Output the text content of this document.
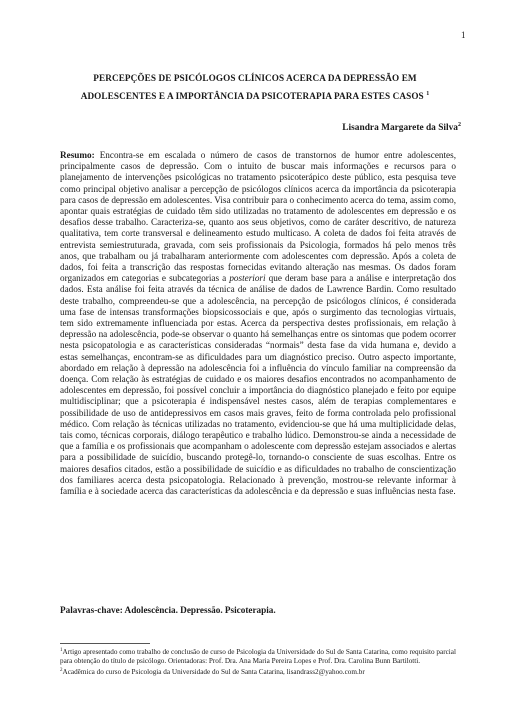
1
PERCEPÇÕES DE PSICÓLOGOS CLÍNICOS ACERCA DA DEPRESSÃO EM
ADOLESCENTES E A IMPORTÂNCIA DA PSICOTERAPIA PARA ESTES CASOS $^1$
Lisandra Margarete da Silva$^2$
Resumo: Encontra-se em escalada o número de casos de transtornos de humor entre adolescentes, principalmente casos de depressão. Com o intuito de buscar mais informações e recursos para o planejamento de intervenções psicológicas no tratamento psicoterápico deste público, esta pesquisa teve como principal objetivo analisar a percepção de psicólogos clínicos acerca da importância da psicoterapia para casos de depressão em adolescentes. Visa contribuir para o conhecimento acerca do tema, assim como, apontar quais estratégias de cuidado têm sido utilizadas no tratamento de adolescentes em depressão e os desafios desse trabalho. Caracteriza-se, quanto aos seus objetivos, como de caráter descritivo, de natureza qualitativa, tem corte transversal e delineamento estudo multicaso. A coleta de dados foi feita através de entrevista semiestruturada, gravada, com seis profissionais da Psicologia, formados há pelo menos três anos, que trabalham ou já trabalharam anteriormente com adolescentes com depressão. Após a coleta de dados, foi feita a transcrição das respostas fornecidas evitando alteração nas mesmas. Os dados foram organizados em categorias e subcategorias a posteriori que deram base para a análise e interpretação dos dados. Esta análise foi feita através da técnica de análise de dados de Lawrence Bardin. Como resultado deste trabalho, compreendeu-se que a adolescência, na percepção de psicólogos clínicos, é considerada uma fase de intensas transformações biopsicossociais e que, após o surgimento das tecnologias virtuais, tem sido extremamente influenciada por estas. Acerca da perspectiva destes profissionais, em relação à depressão na adolescência, pode-se observar o quanto há semelhanças entre os sintomas que podem ocorrer nesta psicopatologia e as características consideradas “normais” desta fase da vida humana e, devido a estas semelhanças, encontram-se as dificuldades para um diagnóstico preciso. Outro aspecto importante, abordado em relação à depressão na adolescência foi a influência do vínculo familiar na compreensão da doença. Com relação às estratégias de cuidado e os maiores desafios encontrados no acompanhamento de adolescentes em depressão, foi possível concluir a importância do diagnóstico planejado e feito por equipe multidisciplinar; que a psicoterapia é indispensável nestes casos, além de terapias complementares e possibilidade de uso de antidepressivos em casos mais graves, feito de forma controlada pelo profissional médico. Com relação às técnicas utilizadas no tratamento, evidenciou-se que há uma multiplicidade delas, tais como, técnicas corporais, diálogo terapêutico e trabalho lúdico. Demonstrou-se ainda a necessidade de que a família e os profissionais que acompanham o adolescente com depressão estejam associados e alertas para a possibilidade de suicídio, buscando protegê-lo, tornando-o consciente de suas escolhas. Entre os maiores desafios citados, estão a possibilidade de suicídio e as dificuldades no trabalho de conscientização dos familiares acerca desta psicopatologia. Relacionado à prevenção, mostrou-se relevante informar à família e à sociedade acerca das características da adolescência e da depressão e suas influências nesta fase.
Palavras-chave: Adolescência. Depressão. Psicoterapia.

$^1$Artigo apresentado como trabalho de conclusão de curso de Psicologia da Universidade do Sul de Santa Catarina, como requisito parcial para obtenção do título de psicólogo. Orientadoras: Prof. Dra. Ana Maria Pereira Lopes e Prof. Dra. Carolina Bunn Bartilotti.

$^2$Acadêmica do curso de Psicologia da Universidade do Sul de Santa Catarina, lisandrass2@yahoo.com.br
